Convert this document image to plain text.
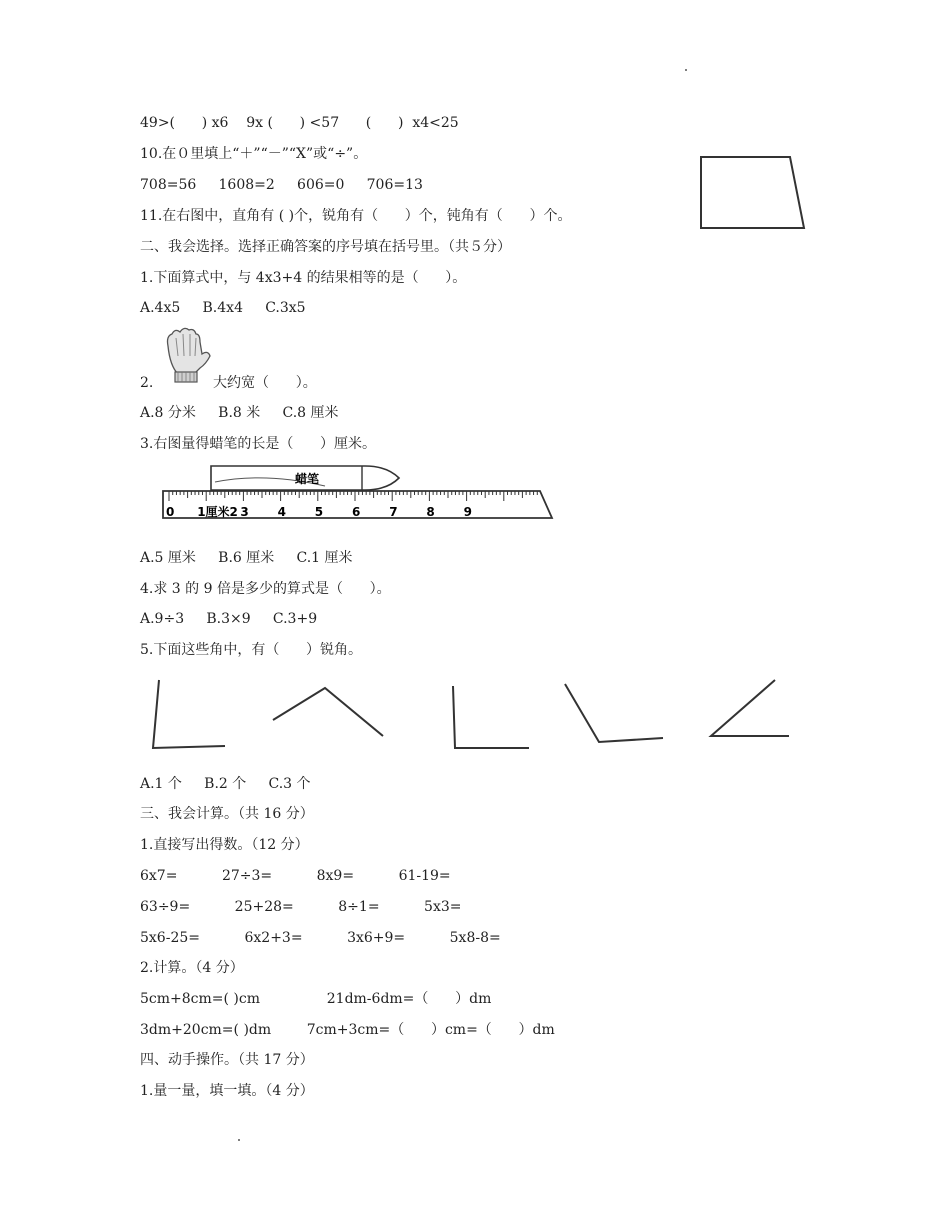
49>(      ) x6    9x (      ) <57      (      )  x4<25
10.在０里填上“＋”“－”“X”或“÷”。
708=56     1608=2     606=0     706=13
11.在右图中，直角有 ( )个，锐角有（      ）个，钝角有（      ）个。
二、我会选择。选择正确答案的序号填在括号里。（共５分）
1.下面算式中，与 4x3+4 的结果相等的是（      ）。
A.4x5     B.4x4     C.3x5
2.	大约宽（      ）。
A.8 分米     B.8 米     C.8 厘米
3.右图量得蜡笔的长是（      ）厘米。
A.5 厘米     B.6 厘米     C.1 厘米
4.求 3 的 9 倍是多少的算式是（      ）。
A.9÷3     B.3×9     C.3+9
5.下面这些角中，有（      ）锐角。
A.1 个     B.2 个     C.3 个
三、我会计算。（共 16 分）
1.直接写出得数。（12 分）
6x7=          27÷3=          8x9=          61-19=
63÷9=          25+28=          8÷1=          5x3=
5x6-25=          6x2+3=          3x6+9=          5x8-8=
2.计算。（4 分）
5cm+8cm=( )cm               21dm-6dm=（      ）dm
3dm+20cm=( )dm        7cm+3cm=（      ）cm=（      ）dm
四、动手操作。（共 17 分）
1.量一量，填一填。（4 分）
蜡笔
0 1厘米2 3 4 5 6 7 8 9
